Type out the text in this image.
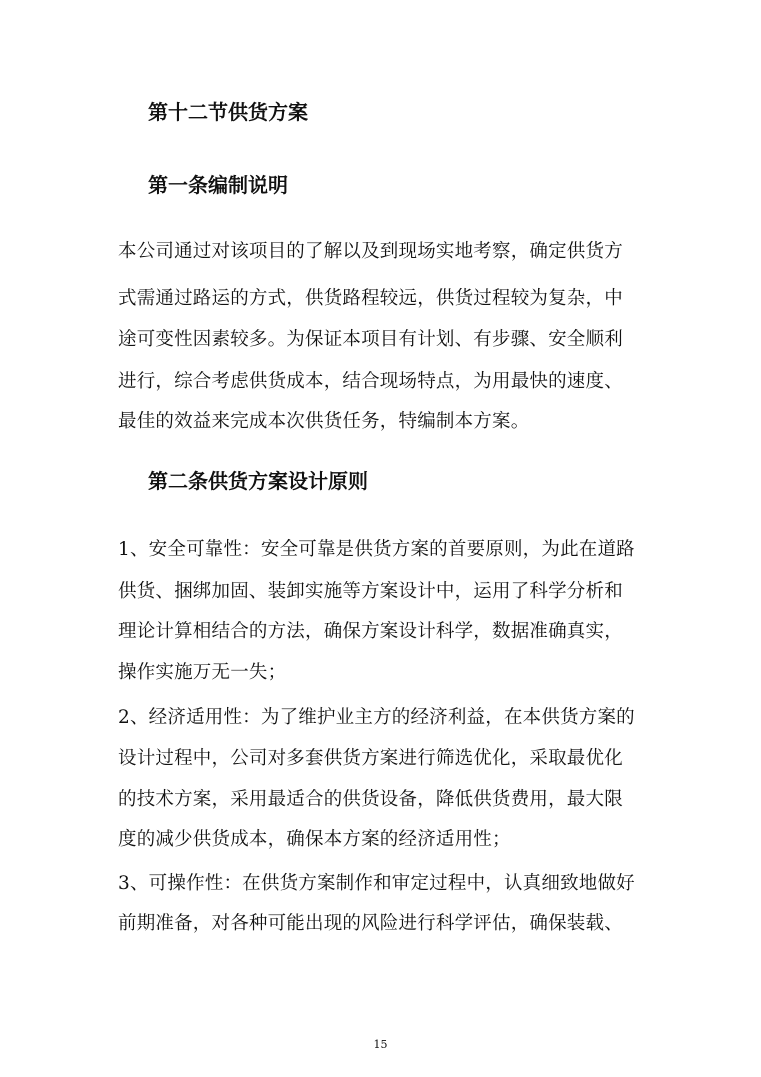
第十二节供货方案
第一条编制说明
本公司通过对该项目的了解以及到现场实地考察，确定供货方
式需通过路运的方式，供货路程较远，供货过程较为复杂，中
途可变性因素较多。为保证本项目有计划、有步骤、安全顺利
进行，综合考虑供货成本，结合现场特点，为用最快的速度、
最佳的效益来完成本次供货任务，特编制本方案。
第二条供货方案设计原则
1、安全可靠性：安全可靠是供货方案的首要原则，为此在道路
供货、捆绑加固、装卸实施等方案设计中，运用了科学分析和
理论计算相结合的方法，确保方案设计科学，数据准确真实，
操作实施万无一失；
2、经济适用性：为了维护业主方的经济利益，在本供货方案的
设计过程中，公司对多套供货方案进行筛选优化，采取最优化
的技术方案，采用最适合的供货设备，降低供货费用，最大限
度的减少供货成本，确保本方案的经济适用性；
3、可操作性：在供货方案制作和审定过程中，认真细致地做好
前期准备，对各种可能出现的风险进行科学评估，确保装载、
15
